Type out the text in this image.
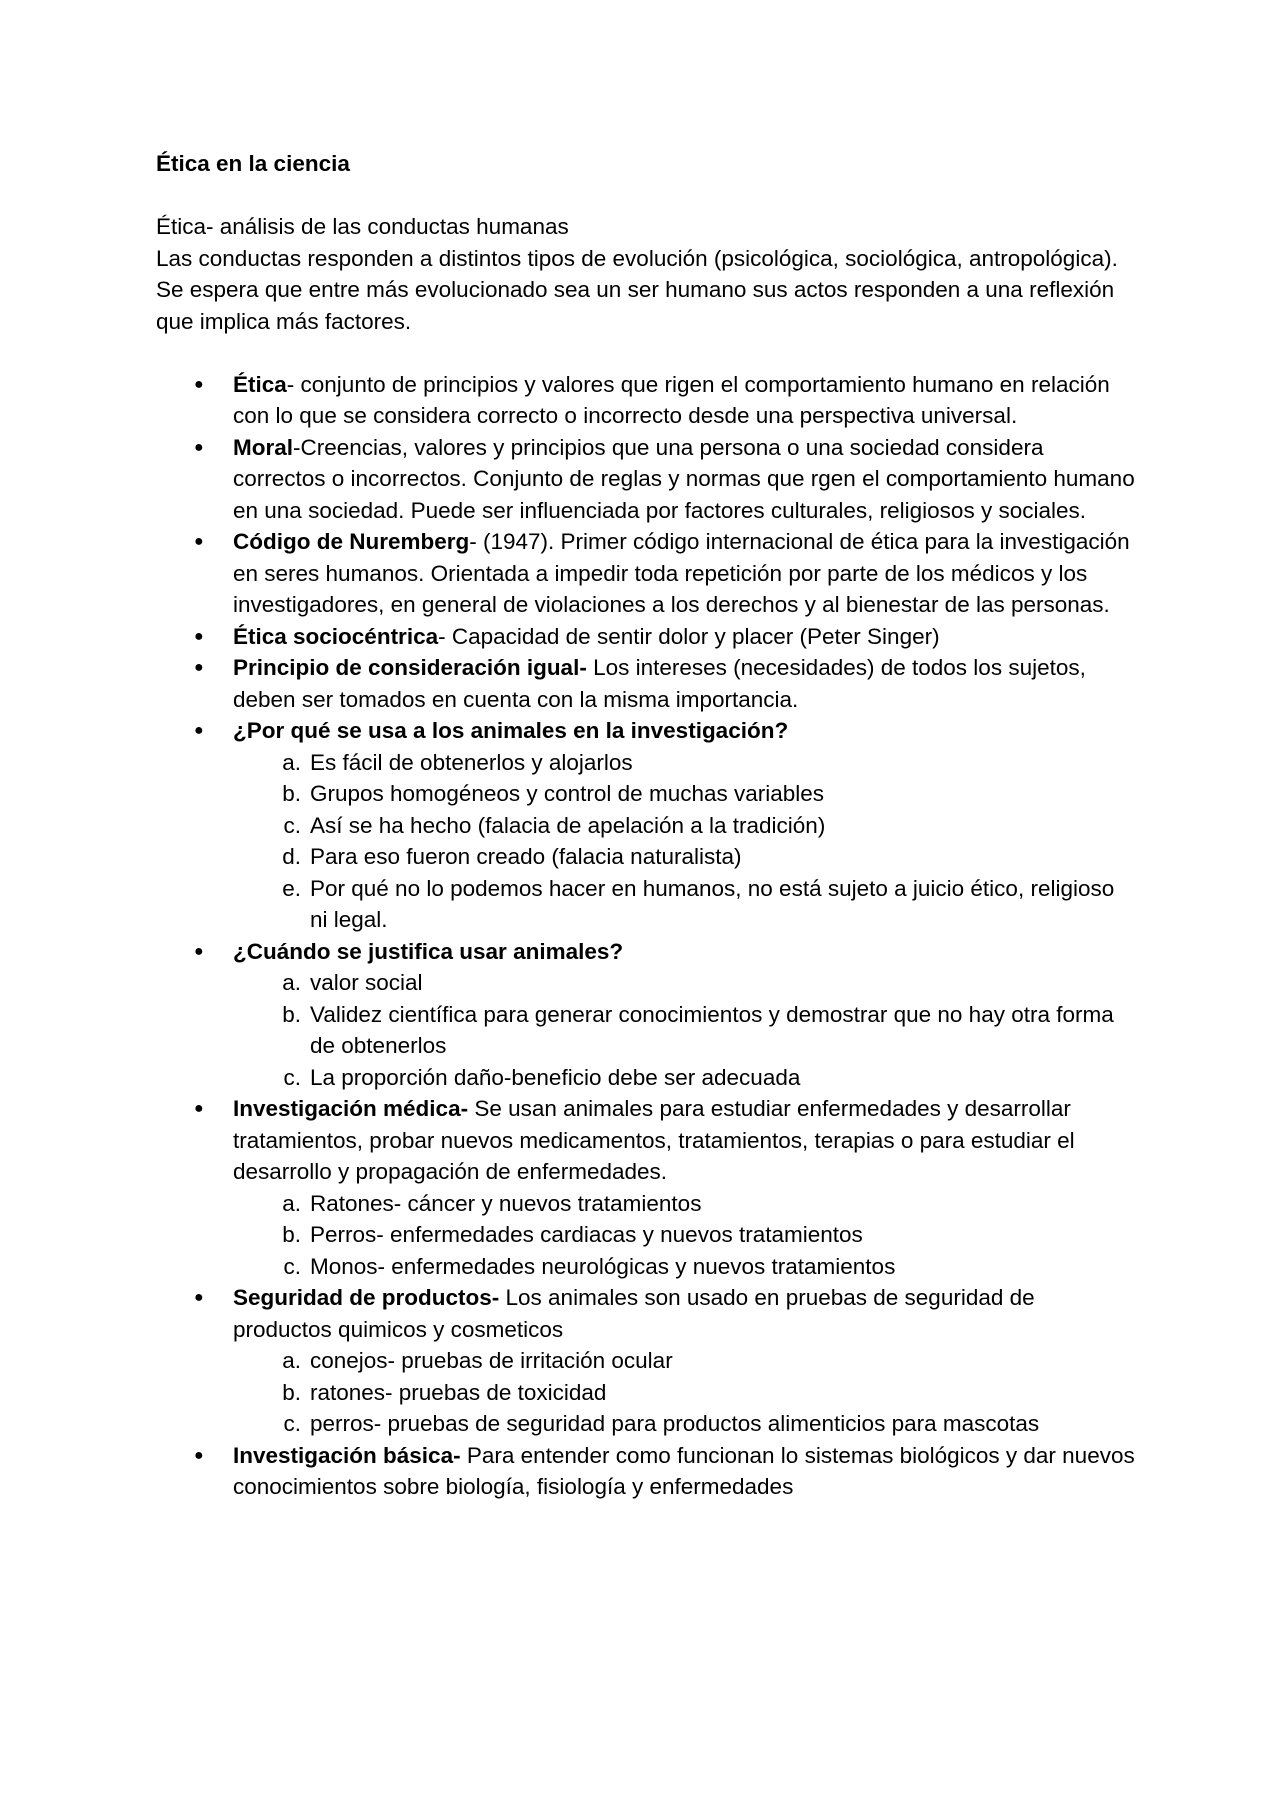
Ética en la ciencia

Ética- análisis de las conductas humanas

Las conductas responden a distintos tipos de evolución (psicológica, sociológica, antropológica).

Se espera que entre más evolucionado sea un ser humano sus actos responden a una reflexión que implica más factores.

● Ética- conjunto de principios y valores que rigen el comportamiento humano en relación con lo que se considera correcto o incorrecto desde una perspectiva universal.
● Moral-Creencias, valores y principios que una persona o una sociedad considera correctos o incorrectos. Conjunto de reglas y normas que rgen el comportamiento humano en una sociedad. Puede ser influenciada por factores culturales, religiosos y sociales.
● Código de Nuremberg- (1947). Primer código internacional de ética para la investigación en seres humanos. Orientada a impedir toda repetición por parte de los médicos y los investigadores, en general de violaciones a los derechos y al bienestar de las personas.
● Ética sociocéntrica- Capacidad de sentir dolor y placer (Peter Singer)
● Principio de consideración igual- Los intereses (necesidades) de todos los sujetos, deben ser tomados en cuenta con la misma importancia.
● ¿Por qué se usa a los animales en la investigación?
a. Es fácil de obtenerlos y alojarlos
b. Grupos homogéneos y control de muchas variables
c. Así se ha hecho (falacia de apelación a la tradición)
d. Para eso fueron creado (falacia naturalista)
e. Por qué no lo podemos hacer en humanos, no está sujeto a juicio ético, religioso ni legal.
● ¿Cuándo se justifica usar animales?
a. valor social
b. Validez científica para generar conocimientos y demostrar que no hay otra forma de obtenerlos
c. La proporción daño-beneficio debe ser adecuada
● Investigación médica- Se usan animales para estudiar enfermedades y desarrollar tratamientos, probar nuevos medicamentos, tratamientos, terapias o para estudiar el desarrollo y propagación de enfermedades.
a. Ratones- cáncer y nuevos tratamientos
b. Perros- enfermedades cardiacas y nuevos tratamientos
c. Monos- enfermedades neurológicas y nuevos tratamientos
● Seguridad de productos- Los animales son usado en pruebas de seguridad de productos quimicos y cosmeticos
a. conejos- pruebas de irritación ocular
b. ratones- pruebas de toxicidad
c. perros- pruebas de seguridad para productos alimenticios para mascotas
● Investigación básica- Para entender como funcionan lo sistemas biológicos y dar nuevos conocimientos sobre biología, fisiología y enfermedades
